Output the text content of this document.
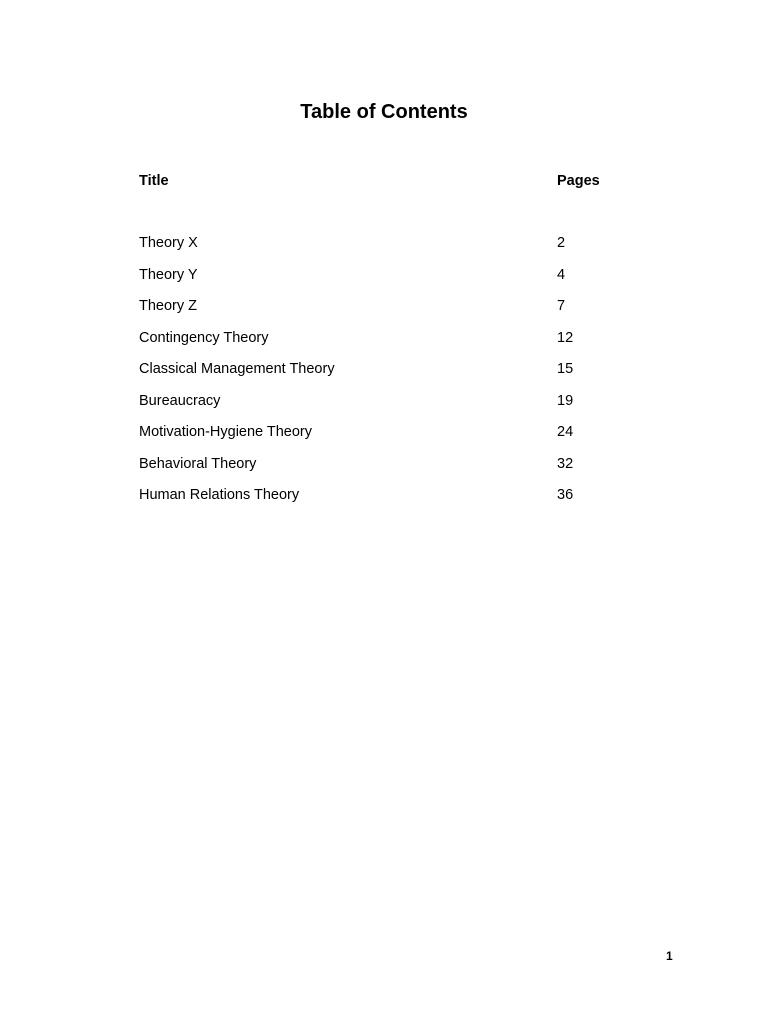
Table of Contents
Title	Pages
Theory X	2
Theory Y	4
Theory Z	7
Contingency Theory	12
Classical Management Theory	15
Bureaucracy	19
Motivation-Hygiene Theory	24
Behavioral Theory	32
Human Relations Theory	36
1
